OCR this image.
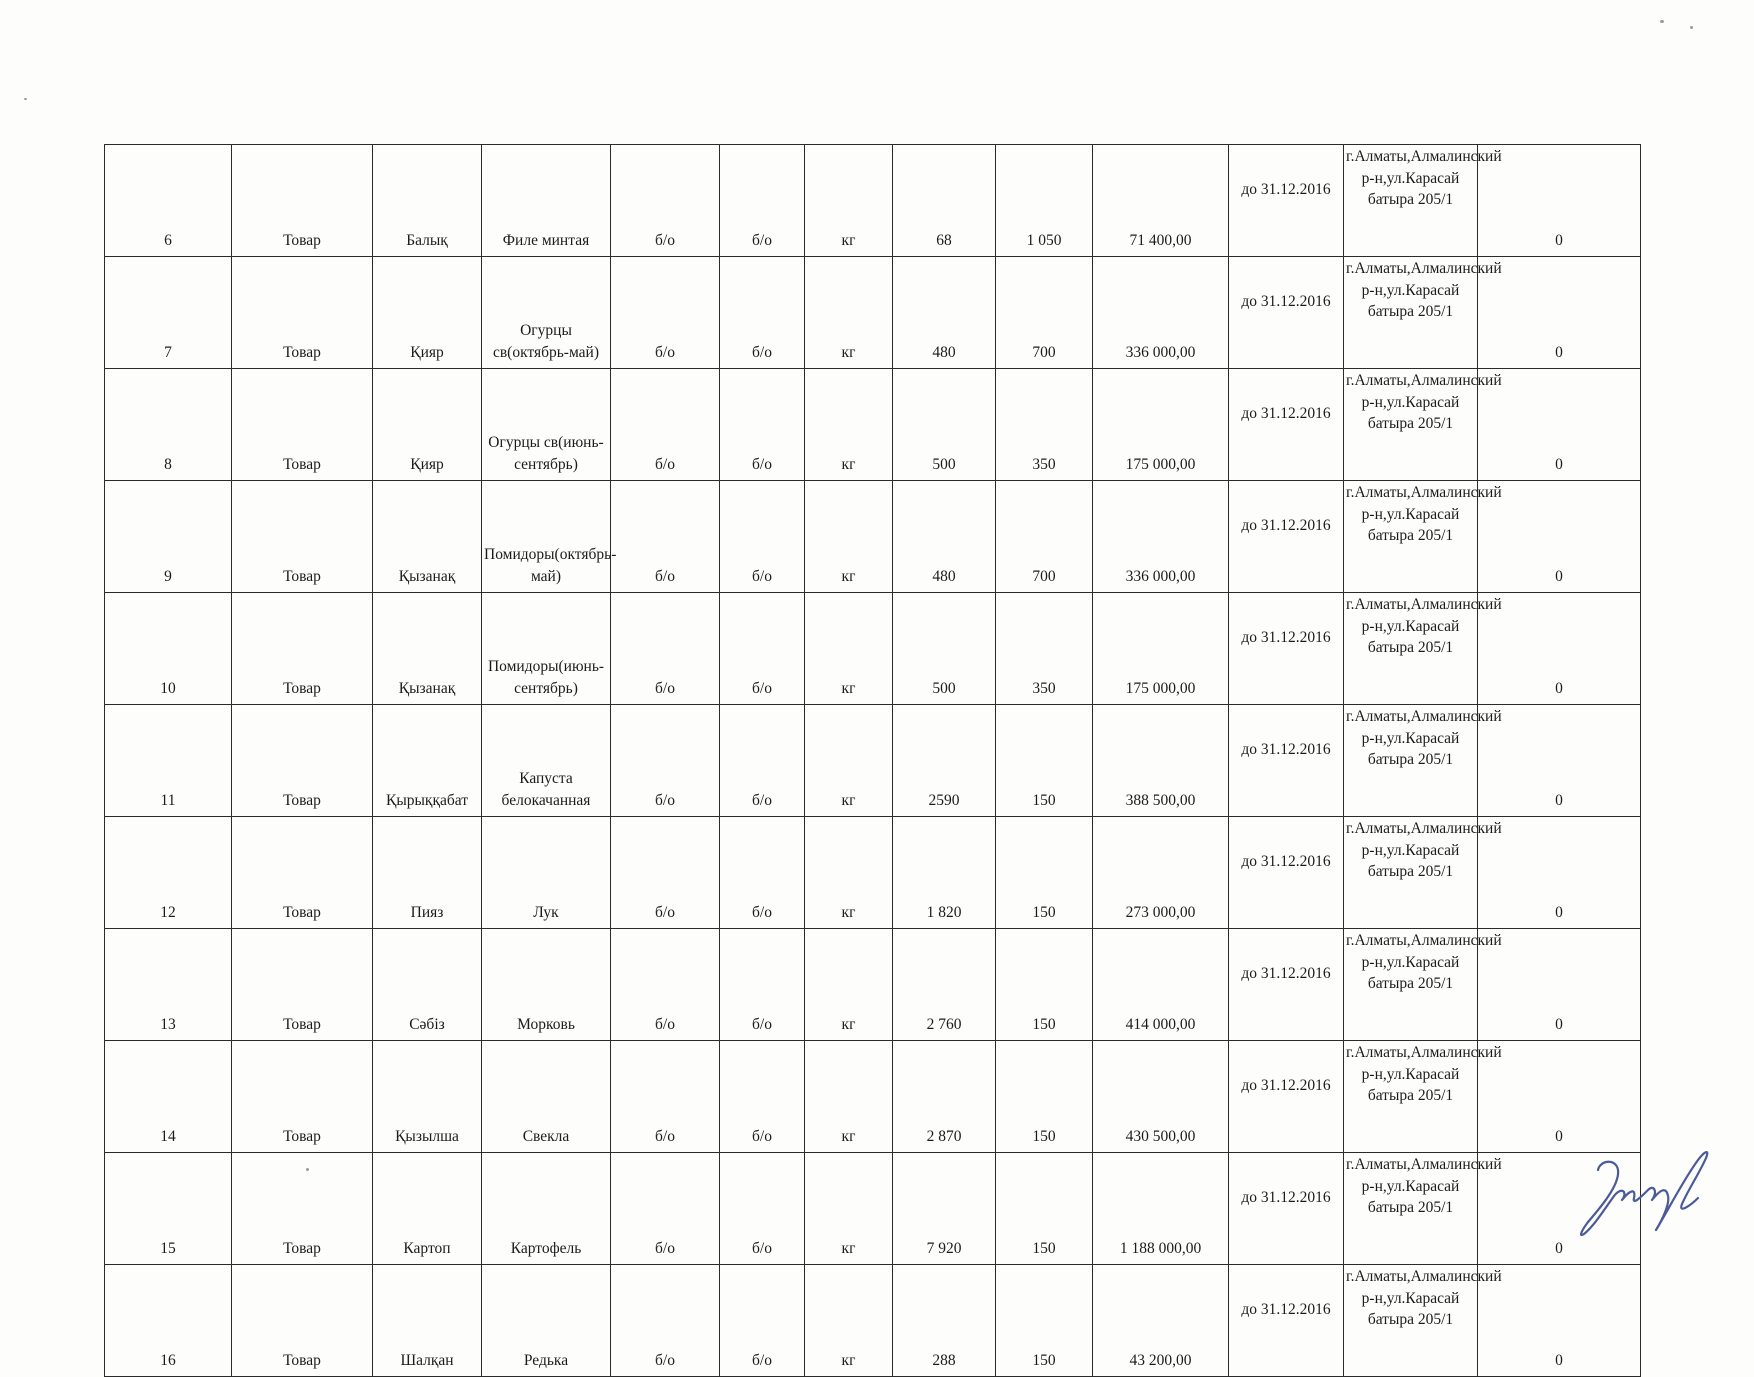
6	Товар	Балық	Филе минтая	б/о	б/о	кг	68	1 050	71 400,00	до 31.12.2016	г.Алматы,Алмалинский р-н,ул.Карасай батыра 205/1	0
7	Товар	Қияр	Огурцы св(октябрь-май)	б/о	б/о	кг	480	700	336 000,00	до 31.12.2016	г.Алматы,Алмалинский р-н,ул.Карасай батыра 205/1	0
8	Товар	Қияр	Огурцы св(июнь-сентябрь)	б/о	б/о	кг	500	350	175 000,00	до 31.12.2016	г.Алматы,Алмалинский р-н,ул.Карасай батыра 205/1	0
9	Товар	Қызанақ	Помидоры(октябрь-май)	б/о	б/о	кг	480	700	336 000,00	до 31.12.2016	г.Алматы,Алмалинский р-н,ул.Карасай батыра 205/1	0
10	Товар	Қызанақ	Помидоры(июнь-сентябрь)	б/о	б/о	кг	500	350	175 000,00	до 31.12.2016	г.Алматы,Алмалинский р-н,ул.Карасай батыра 205/1	0
11	Товар	Қырыққабат	Капуста белокачанная	б/о	б/о	кг	2590	150	388 500,00	до 31.12.2016	г.Алматы,Алмалинский р-н,ул.Карасай батыра 205/1	0
12	Товар	Пияз	Лук	б/о	б/о	кг	1 820	150	273 000,00	до 31.12.2016	г.Алматы,Алмалинский р-н,ул.Карасай батыра 205/1	0
13	Товар	Сәбіз	Морковь	б/о	б/о	кг	2 760	150	414 000,00	до 31.12.2016	г.Алматы,Алмалинский р-н,ул.Карасай батыра 205/1	0
14	Товар	Қызылша	Свекла	б/о	б/о	кг	2 870	150	430 500,00	до 31.12.2016	г.Алматы,Алмалинский р-н,ул.Карасай батыра 205/1	0
15	Товар	Картоп	Картофель	б/о	б/о	кг	7 920	150	1 188 000,00	до 31.12.2016	г.Алматы,Алмалинский р-н,ул.Карасай батыра 205/1	0
16	Товар	Шалқан	Редька	б/о	б/о	кг	288	150	43 200,00	до 31.12.2016	г.Алматы,Алмалинский р-н,ул.Карасай батыра 205/1	0
